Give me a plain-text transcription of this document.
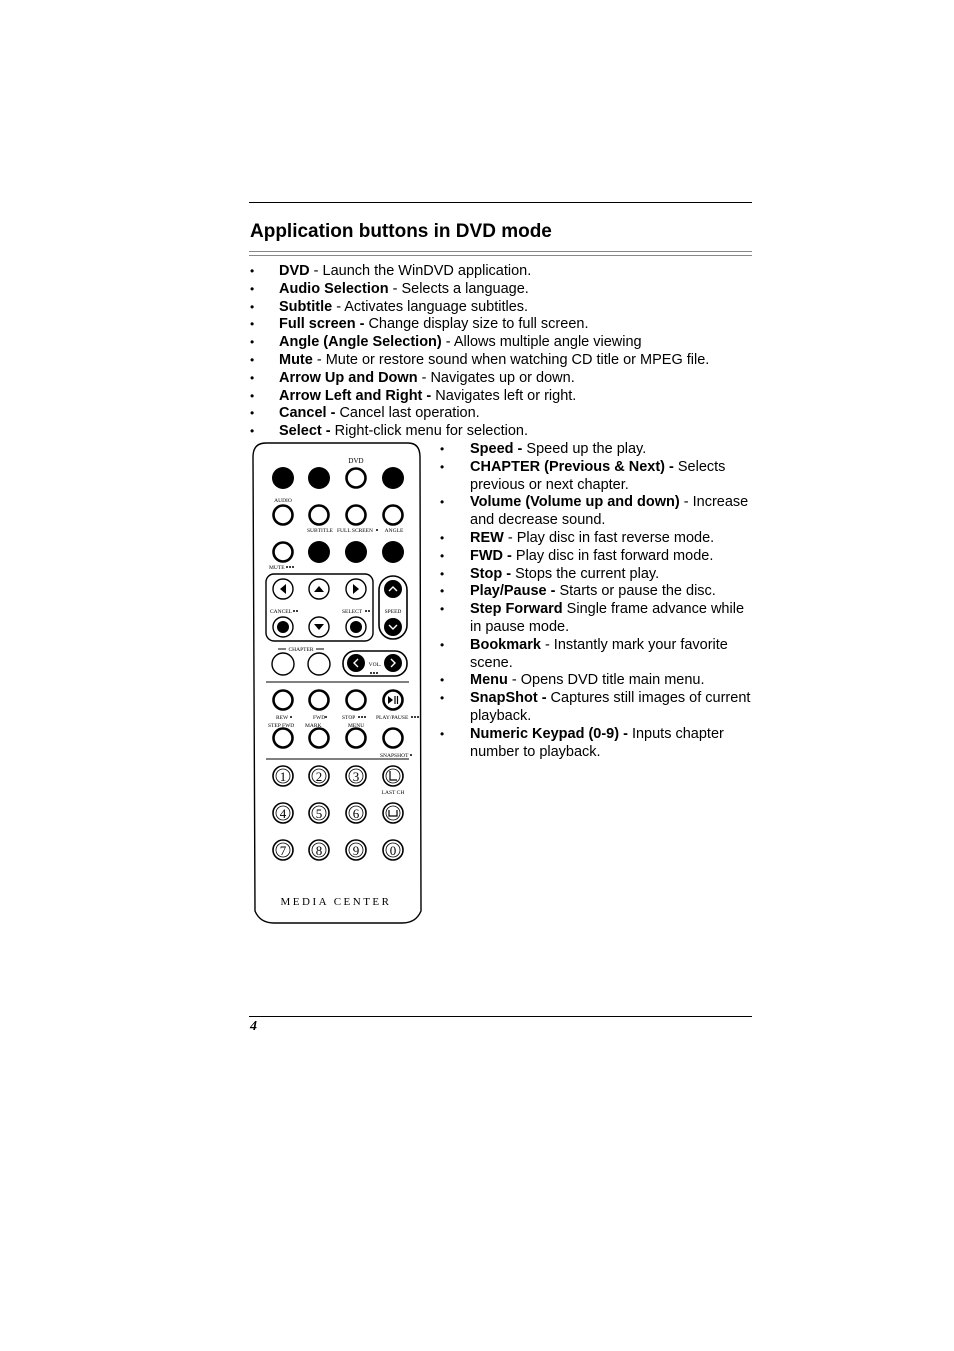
Application buttons in DVD mode
• DVD - Launch the WinDVD application.
• Audio Selection - Selects a language.
• Subtitle - Activates language subtitles.
• Full screen - Change display size to full screen.
• Angle (Angle Selection) - Allows multiple angle viewing
• Mute - Mute or restore sound when watching CD title or MPEG file.
• Arrow Up and Down - Navigates up or down.
• Arrow Left and Right - Navigates left or right.
• Cancel - Cancel last operation.
• Select - Right-click menu for selection.
• Speed - Speed up the play.
• CHAPTER (Previous & Next) - Selects previous or next chapter.
• Volume (Volume up and down) - Increase and decrease sound.
• REW - Play disc in fast reverse mode.
• FWD - Play disc in fast forward mode.
• Stop - Stops the current play.
• Play/Pause - Starts or pause the disc.
• Step Forward Single frame advance while in pause mode.
• Bookmark - Instantly mark your favorite scene.
• Menu - Opens DVD title main menu.
• SnapShot - Captures still images of current playback.
• Numeric Keypad (0-9) - Inputs chapter number to playback.
DVD
AUDIO
SUBTITLE FULL SCREEN ANGLE
MUTE
CANCEL	SELECT	SPEED
CHAPTER
VOL.
REW	FWD	STOP	PLAY/PAUSE
STEP FWD MARK	MENU
SNAPSHOT
1 2 3
LAST CH
4 5 6
7 8 9 0
MEDIA CENTER
4
